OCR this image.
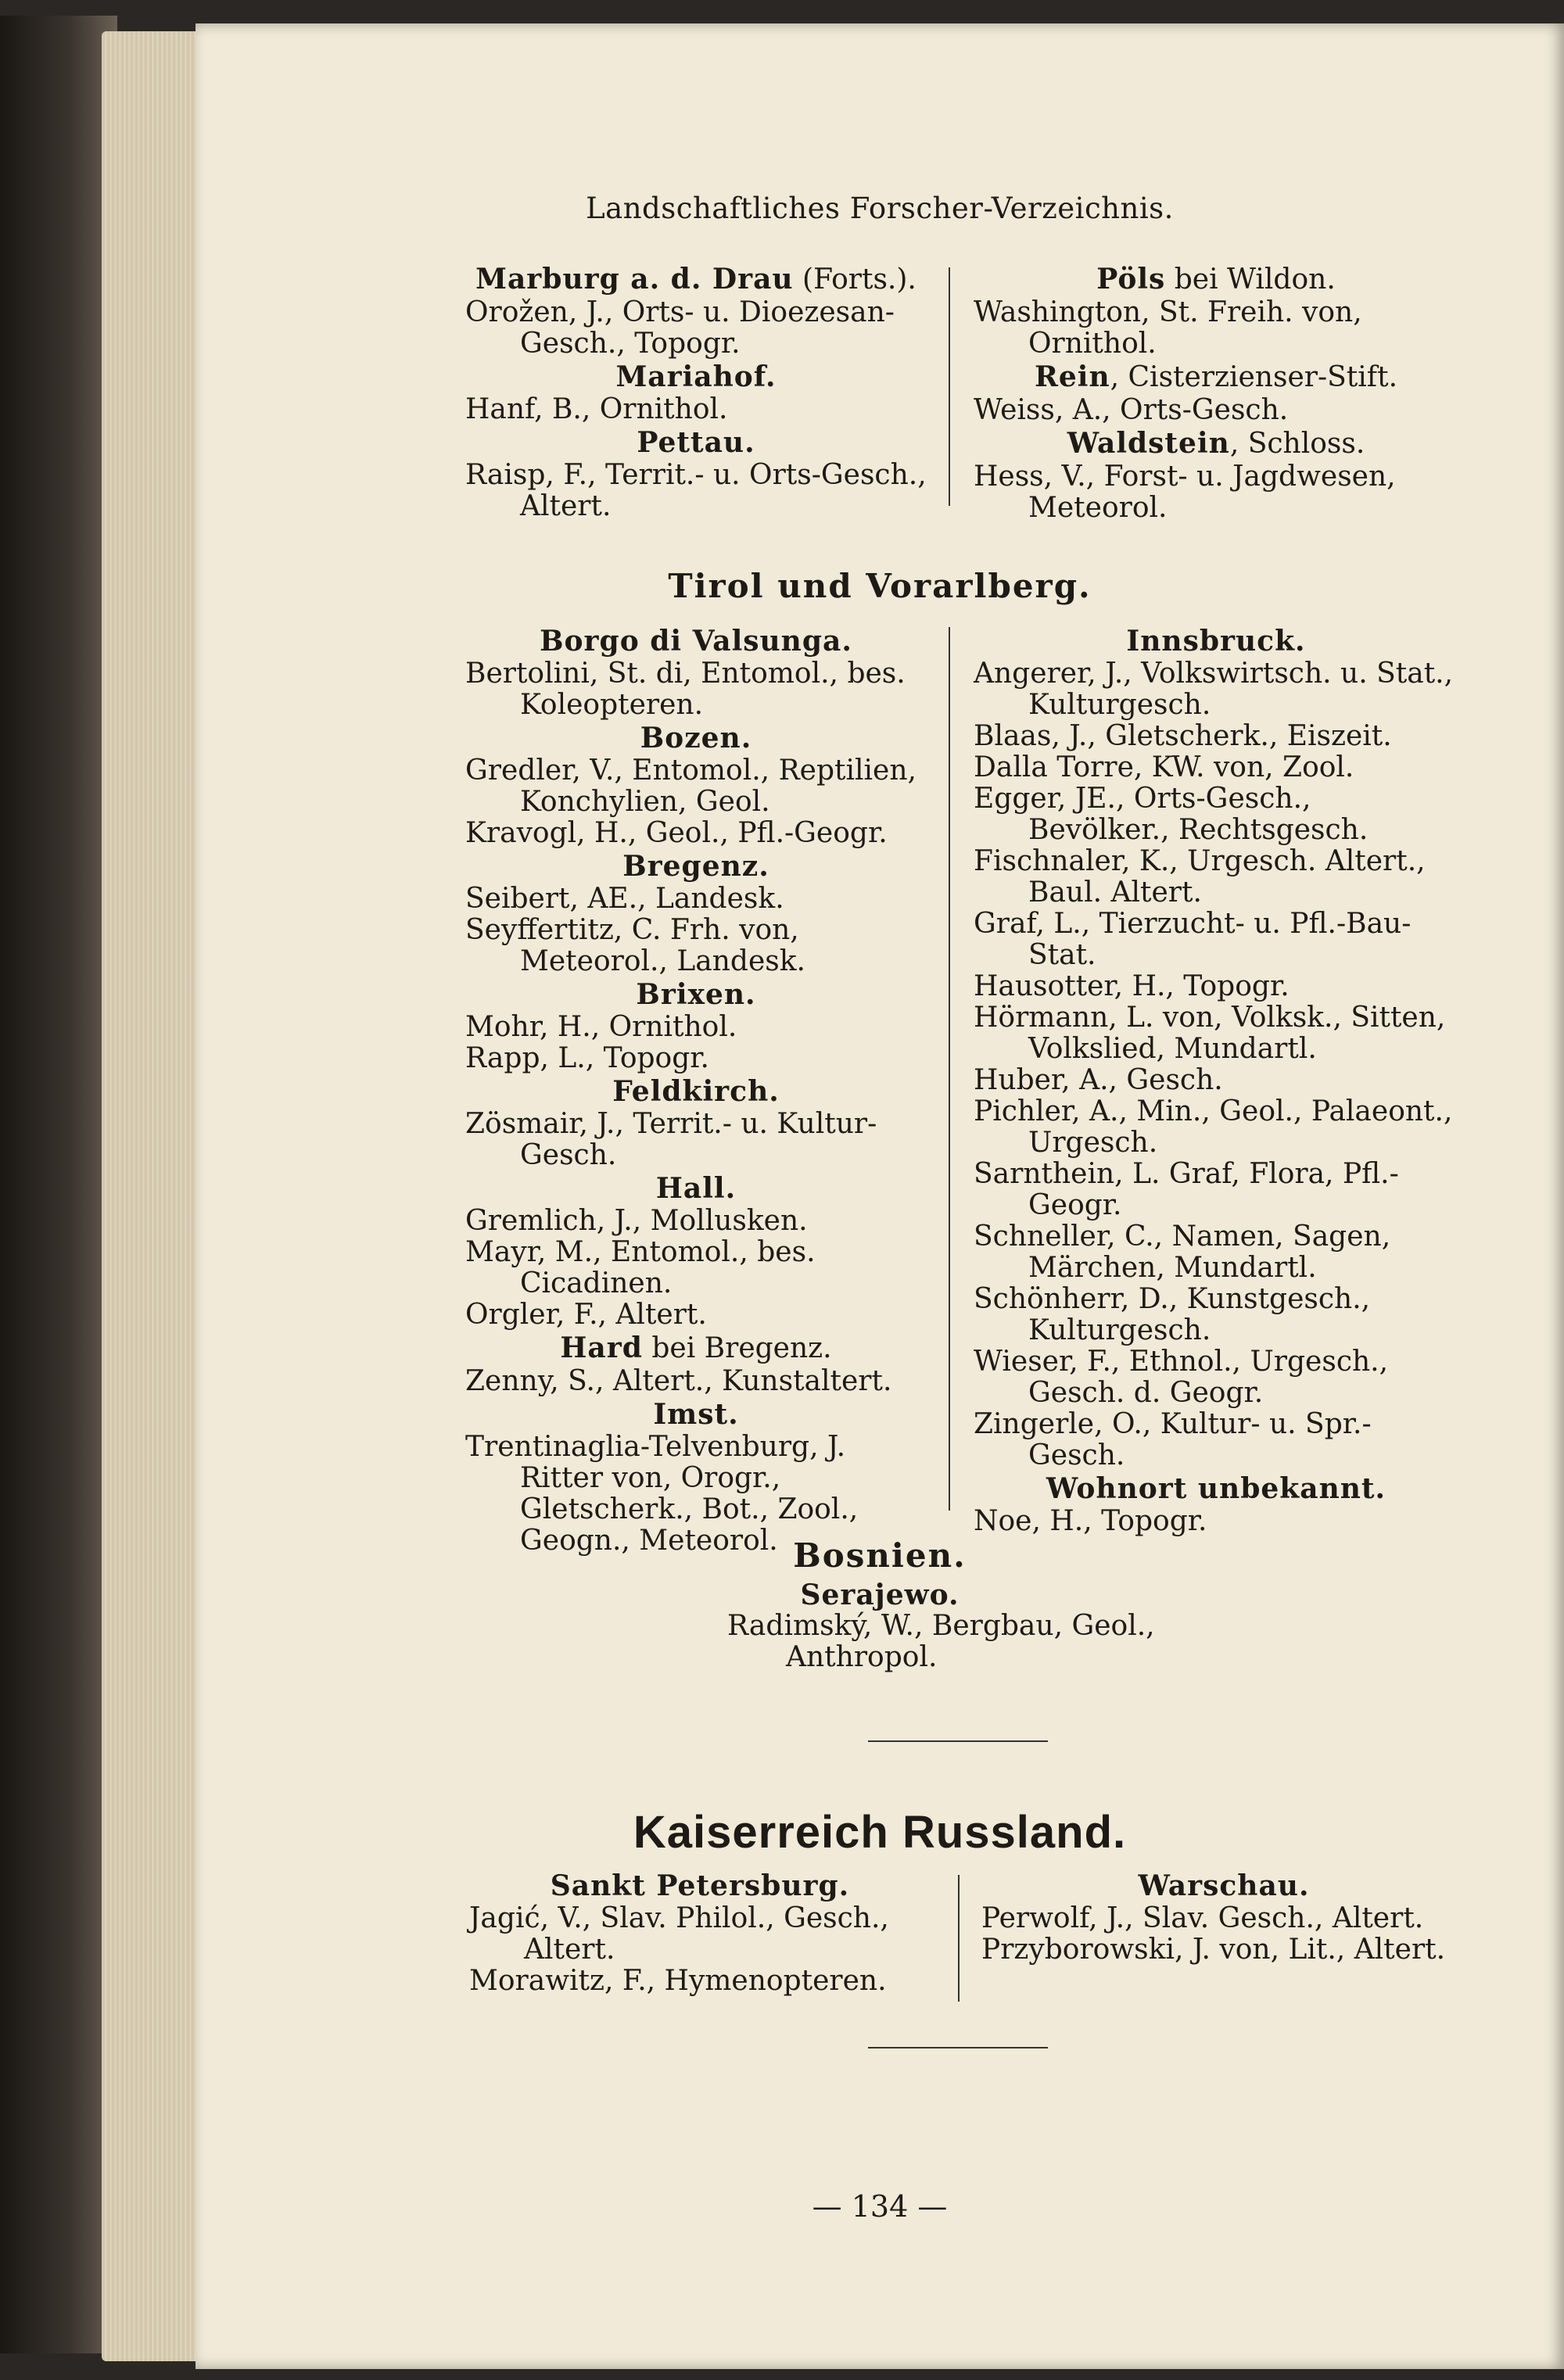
Landschaftliches Forscher-Verzeichnis.
Marburg a. d. Drau (Forts.).

Orožen, J., Orts- u. Dioezesan-Gesch., Topogr.

Mariahof.

Hanf, B., Ornithol.

Pettau.

Raisp, F., Territ.- u. Orts-Gesch., Altert.

Pöls bei Wildon.

Washington, St. Freih. von, Ornithol.

Rein, Cisterzienser-Stift.

Weiss, A., Orts-Gesch.

Waldstein, Schloss.

Hess, V., Forst- u. Jagdwesen, Meteorol.

Tirol und Vorarlberg.
Borgo di Valsunga.

Bertolini, St. di, Entomol., bes. Koleopteren.

Bozen.

Gredler, V., Entomol., Reptilien, Konchylien, Geol.

Kravogl, H., Geol., Pfl.-Geogr.

Bregenz.

Seibert, AE., Landesk.

Seyffertitz, C. Frh. von, Meteorol., Landesk.

Brixen.

Mohr, H., Ornithol.

Rapp, L., Topogr.

Feldkirch.

Zösmair, J., Territ.- u. Kultur-Gesch.

Hall.

Gremlich, J., Mollusken.

Mayr, M., Entomol., bes. Cicadinen.

Orgler, F., Altert.

Hard bei Bregenz.

Zenny, S., Altert., Kunstaltert.

Imst.

Trentinaglia-Telvenburg, J. Ritter von, Orogr., Gletscherk., Bot., Zool., Geogn., Meteorol.

Innsbruck.

Angerer, J., Volkswirtsch. u. Stat., Kulturgesch.

Blaas, J., Gletscherk., Eiszeit.

Dalla Torre, KW. von, Zool.

Egger, JE., Orts-Gesch., Bevölker., Rechtsgesch.

Fischnaler, K., Urgesch. Altert., Baul. Altert.

Graf, L., Tierzucht- u. Pfl.-Bau-Stat.

Hausotter, H., Topogr.

Hörmann, L. von, Volksk., Sitten, Volkslied, Mundartl.

Huber, A., Gesch.

Pichler, A., Min., Geol., Palaeont., Urgesch.

Sarnthein, L. Graf, Flora, Pfl.-Geogr.

Schneller, C., Namen, Sagen, Märchen, Mundartl.

Schönherr, D., Kunstgesch., Kulturgesch.

Wieser, F., Ethnol., Urgesch., Gesch. d. Geogr.

Zingerle, O., Kultur- u. Spr.-Gesch.

Wohnort unbekannt.

Noe, H., Topogr.

Bosnien.
Serajewo.
Radimský, W., Bergbau, Geol.,
Anthropol.
Kaiserreich Russland.
Sankt Petersburg.

Jagić, V., Slav. Philol., Gesch., Altert.

Morawitz, F., Hymenopteren.

Warschau.

Perwolf, J., Slav. Gesch., Altert.

Przyborowski, J. von, Lit., Altert.

— 134 —
